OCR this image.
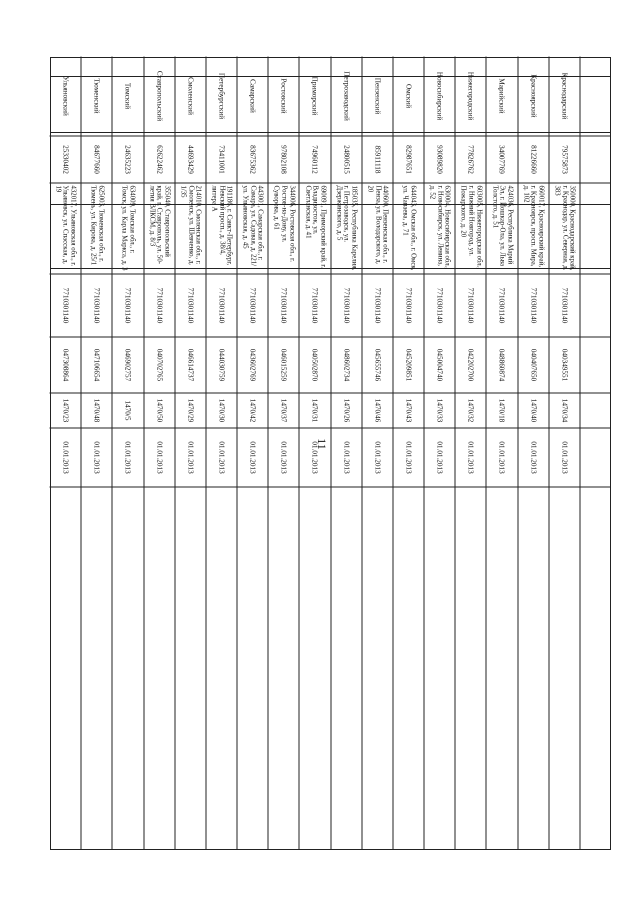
11
Краснодарский
79575873
350000, Краснодарский край, г. Краснодар, ул. Северная, д. 383
7710301140
040349551
1470/34
01.01.2013
Красноярский
81226660
660017, Красноярский край, г. Красноярск, просп. Мира, д. 102
7710301140
040407650
1470/40
01.01.2013
Марийский
34007769
424036, Республика Марий Эл, г. Йошкар-Ола, ул. Льва Толстого, д. 51
7710301140
048860874
1470/18
01.01.2013
Нижегородский
77826762
603005, Нижегородская обл., г. Нижний Новгород, ул. Пожарского, д. 20
7710301140
042202700
1470/32
01.01.2013
Новосибирский
93089820
630004, Новосибирская обл., г. Новосибирск, ул. Ленина, д. 52
7710301140
045004740
1470/33
01.01.2013
Омский
82987651
644043, Омская обл., г. Омск, ул. Чапаева, д. 71
7710301140
045209851
1470/43
01.01.2013
Пензенский
85911118
440600, Пензенская обл., г. Пенза, ул. Володарского, д. 20
7710301140
045655746
1470/46
01.01.2013
Петрозаводский
24800515
185035, Республика Карелия, г. Петрозаводск, ул. Дзержинского, д. 5
7710301140
048602734
1470/26
01.01.2013
Приморский
74960112
690091, Приморский край, г. Владивосток, ул. Светланская, д. 41
7710301140
040502870
1470/31
01.01.2013
Ростовский
97802108
344006, Ростовская обл., г. Ростов-на-Дону, ул. Суворова, д. 61
7710301140
046015259
1470/37
01.01.2013
Самарский
83675362
443001, Самарская обл., г. Самара, ул. Садовая, д. 221/ул. Ульяновская, д. 45
7710301140
043602769
1470/42
01.01.2013
Петербургский
73411001
191186, г. Санкт-Петербург, Невский просп., д. 38/4, литера А
7710301140
044030759
1470/30
01.01.2013
Смоленский
44693429
214010, Смоленская обл., г. Смоленск, ул. Шевченко, д. 1/35
7710301140
046614737
1470/29
01.01.2013
Ставропольский
62622462
355040, Ставропольский край, г. Ставрополь, ул. 50-летия ВЛКСМ, д. 8/3
7710301140
040702765
1470/50
01.01.2013
Томский
24635223
634009, Томская обл., г. Томск, ул. Карла Маркса, д. 3
7710301140
046902757
1470/5
01.01.2013
Тюменский
84677660
625003, Тюменская обл., г. Тюмень, ул. Кирова, д. 25/1
7710301140
047106654
1470/48
01.01.2013
Ульяновский
25330402
432017, Ульяновская обл., г. Ульяновск, ул. Спасская, д. 19
7710301140
047308864
1470/23
01.01.2013
